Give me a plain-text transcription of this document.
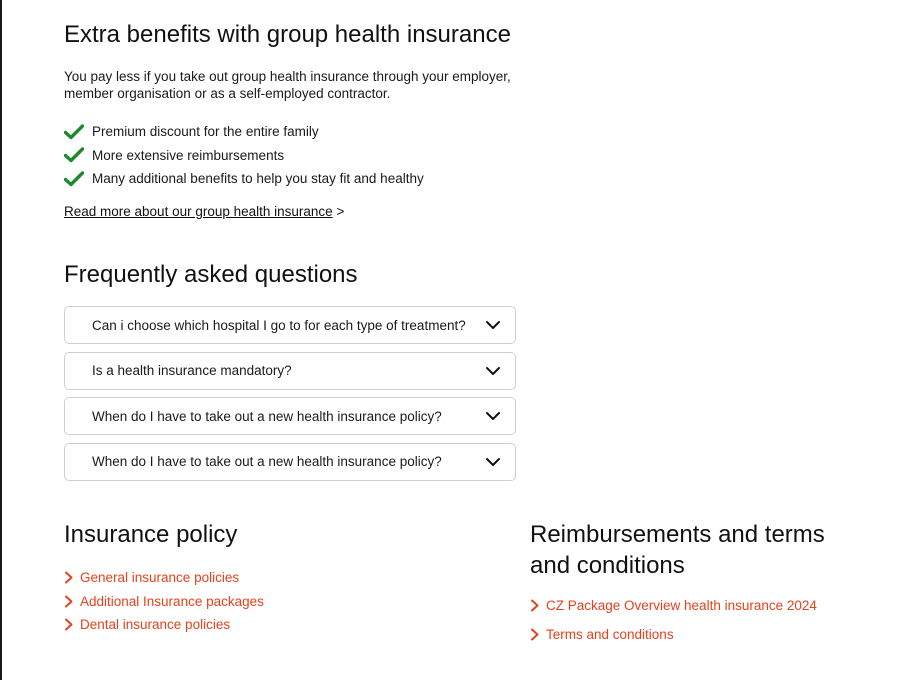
Extra benefits with group health insurance

You pay less if you take out group health insurance through your employer, member organisation or as a self-employed contractor.

Premium discount for the entire family
More extensive reimbursements
Many additional benefits to help you stay fit and healthy
Read more about our group health insurance >
Frequently asked questions
Can i choose which hospital I go to for each type of treatment?
Is a health insurance mandatory?
When do I have to take out a new health insurance policy?
When do I have to take out a new health insurance policy?
Insurance policy
General insurance policies
Additional Insurance packages
Dental insurance policies
Reimbursements and terms and conditions
CZ Package Overview health insurance 2024
Terms and conditions
